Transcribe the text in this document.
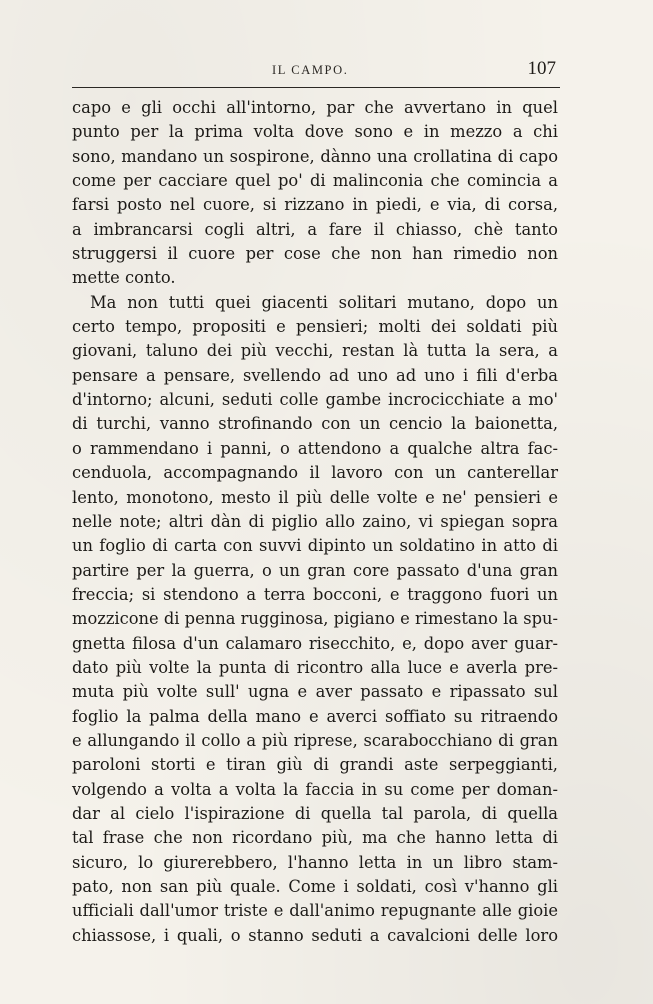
IL CAMPO.	107
capo e gli occhi all'intorno, par che avvertano in quel
punto per la prima volta dove sono e in mezzo a chi
sono, mandano un sospirone, dànno una crollatina di capo
come per cacciare quel po' di malinconia che comincia a
farsi posto nel cuore, si rizzano in piedi, e via, di corsa,
a imbrancarsi cogli altri, a fare il chiasso, chè tanto
struggersi il cuore per cose che non han rimedio non
mette conto.
Ma non tutti quei giacenti solitari mutano, dopo un
certo tempo, propositi e pensieri; molti dei soldati più
giovani, taluno dei più vecchi, restan là tutta la sera, a
pensare a pensare, svellendo ad uno ad uno i fili d'erba
d'intorno; alcuni, seduti colle gambe incrocicchiate a mo'
di turchi, vanno strofinando con un cencio la baionetta,
o rammendano i panni, o attendono a qualche altra fac-
cenduola, accompagnando il lavoro con un canterellar
lento, monotono, mesto il più delle volte e ne' pensieri e
nelle note; altri dàn di piglio allo zaino, vi spiegan sopra
un foglio di carta con suvvi dipinto un soldatino in atto di
partire per la guerra, o un gran core passato d'una gran
freccia; si stendono a terra bocconi, e traggono fuori un
mozzicone di penna rugginosa, pigiano e rimestano la spu-
gnetta filosa d'un calamaro risecchito, e, dopo aver guar-
dato più volte la punta di ricontro alla luce e averla pre-
muta più volte sull' ugna e aver passato e ripassato sul
foglio la palma della mano e averci soffiato su ritraendo
e allungando il collo a più riprese, scarabocchiano di gran
paroloni storti e tiran giù di grandi aste serpeggianti,
volgendo a volta a volta la faccia in su come per doman-
dar al cielo l'ispirazione di quella tal parola, di quella
tal frase che non ricordano più, ma che hanno letta di
sicuro, lo giurerebbero, l'hanno letta in un libro stam-
pato, non san più quale. Come i soldati, così v'hanno gli
ufficiali dall'umor triste e dall'animo repugnante alle gioie
chiassose, i quali, o stanno seduti a cavalcioni delle loro
